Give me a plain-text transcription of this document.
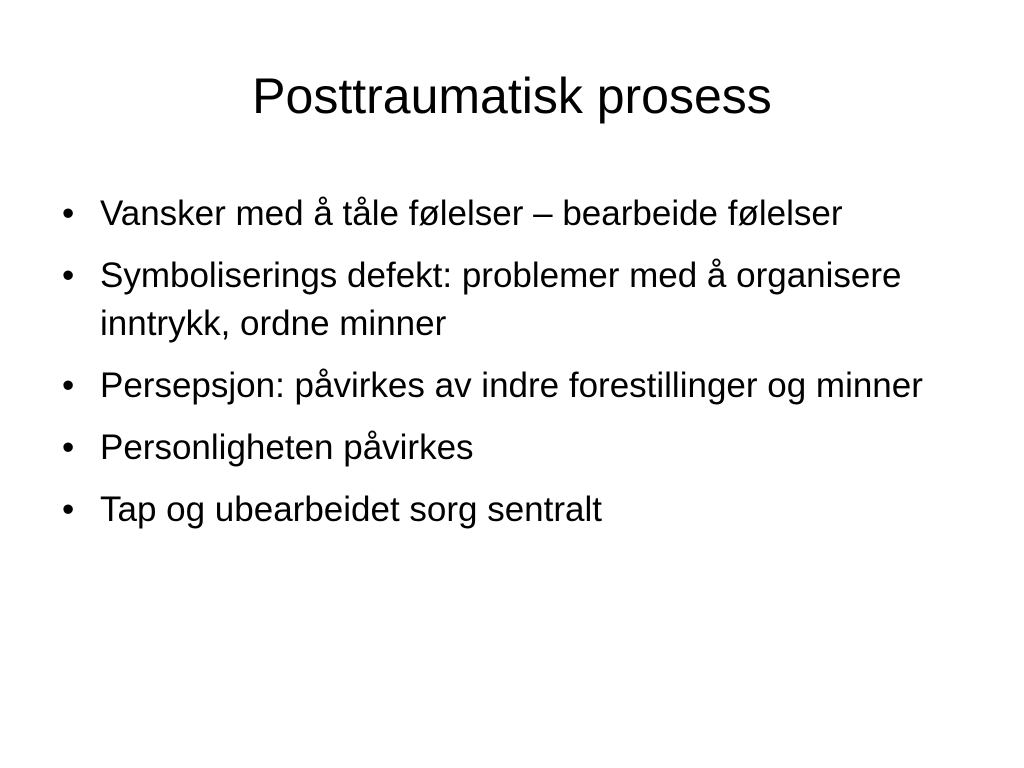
Posttraumatisk prosess
• Vansker med å tåle følelser – bearbeide følelser
• Symboliserings defekt: problemer med å organisere inntrykk, ordne minner
• Persepsjon: påvirkes av indre forestillinger og minner
• Personligheten påvirkes
• Tap og ubearbeidet sorg sentralt
